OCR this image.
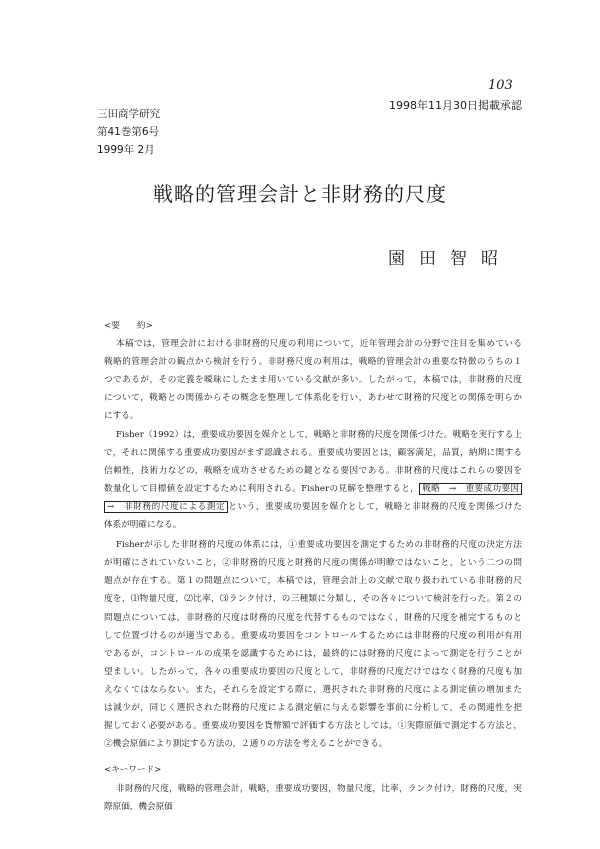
103
1998年11月30日掲載承認
三田商学研究
第41巻第6号
1999年 2月
戦略的管理会計と非財務的尺度
園田智昭
<要　　約>
本稿では，管理会計における非財務的尺度の利用について，近年管理会計の分野で注目を集めている
戦略的管理会計の観点から検討を行う。非財務尺度の利用は，戦略的管理会計の重要な特徴のうちの１
つであるが，その定義を曖昧にしたまま用いている文献が多い。したがって，本稿では，非財務的尺度
について，戦略との関係からその概念を整理して体系化を行い，あわせて財務的尺度との関係を明らか
にする。
Fisher（1992）は，重要成功要因を媒介として，戦略と非財務的尺度を関係づけた。戦略を実行する上
で，それに関係する重要成功要因がまず認識される。重要成功要因とは，顧客満足，品質，納期に関する
信頼性，技術力などの，戦略を成功させるための鍵となる要因である。非財務的尺度はこれらの要因を
数量化して目標値を設定するために利用される。Fisherの見解を整理すると， 戦略　→　重要成功要因
→　非財務的尺度による測定 という，重要成功要因を媒介として，戦略と非財務的尺度を関係づけた
体系が明確になる。
Fisherが示した非財務的尺度の体系には，①重要成功要因を測定するための非財務的尺度の決定方法
が明確にされていないこと，②非財務的尺度と財務的尺度の関係が明瞭ではないこと，という二つの問
題点が存在する。第１の問題点について，本稿では，管理会計上の文献で取り扱われている非財務的尺
度を，⑴物量尺度，⑵比率，⑶ランク付け，の三種類に分類し，その各々について検討を行った。第２の
問題点については，非財務的尺度は財務的尺度を代替するものではなく，財務的尺度を補完するものと
して位置づけるのが適当である。重要成功要因をコントロールするためには非財務的尺度の利用が有用
であるが，コントロールの成果を認識するためには，最終的には財務的尺度によって測定を行うことが
望ましい。したがって，各々の重要成功要因の尺度として，非財務的尺度だけではなく財務的尺度も加
えなくてはならない。また，それらを設定する際に，選択された非財務的尺度による測定値の増加また
は減少が，同じく選択された財務的尺度による測定値に与える影響を事前に分析して，その関連性を把
握しておく必要がある。重要成功要因を貨幣額で評価する方法としては，①実際原価で測定する方法と，
②機会原価により測定する方法の，２通りの方法を考えることができる。
<キーワード>
非財務的尺度，戦略的管理会計，戦略，重要成功要因，物量尺度，比率，ランク付け，財務的尺度，実
際原価，機会原価
